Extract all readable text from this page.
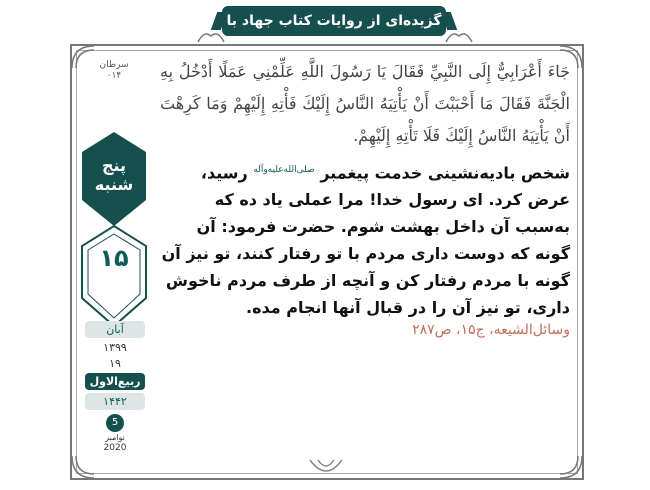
گزیده‌ای از روایات کتاب جهاد با نفس
سرطان
۰۱۴
پنج شنبه
۱۵
آبان
۱۳۹۹
۱۹
ربیع‌الاول
۱۴۴۲
5
نوامبر
2020
جَاءَ أَعْرَابِيٌّ إِلَى النَّبِيِّ فَقَالَ يَا رَسُولَ اللَّهِ عَلِّمْنِي عَمَلًا أَدْخُلُ بِهِ الْجَنَّةَ فَقَالَ مَا أَحْبَبْتَ أَنْ يَأْتِيَهُ النَّاسُ إِلَيْكَ فَأْتِهِ إِلَيْهِمْ وَمَا كَرِهْتَ أَنْ يَأْتِيَهُ النَّاسُ إِلَيْكَ فَلَا تَأْتِهِ إِلَيْهِمْ.
شخص بادیه‌نشینی خدمت پیغمبر $^{صلی‌الله‌علیه‌وآله}$ رسید، عرض کرد. ای رسول خدا! مرا عملی یاد ده که به‌سبب آن داخل بهشت شوم. حضرت فرمود: آن گونه که دوست داری مردم با تو رفتار کنند، تو نیز آن گونه با مردم رفتار کن و آنچه از طرف مردم ناخوش داری، تو نیز آن را در قبال آنها انجام مده.
وسائل‌الشیعه، ج۱۵، ص۲۸۷
